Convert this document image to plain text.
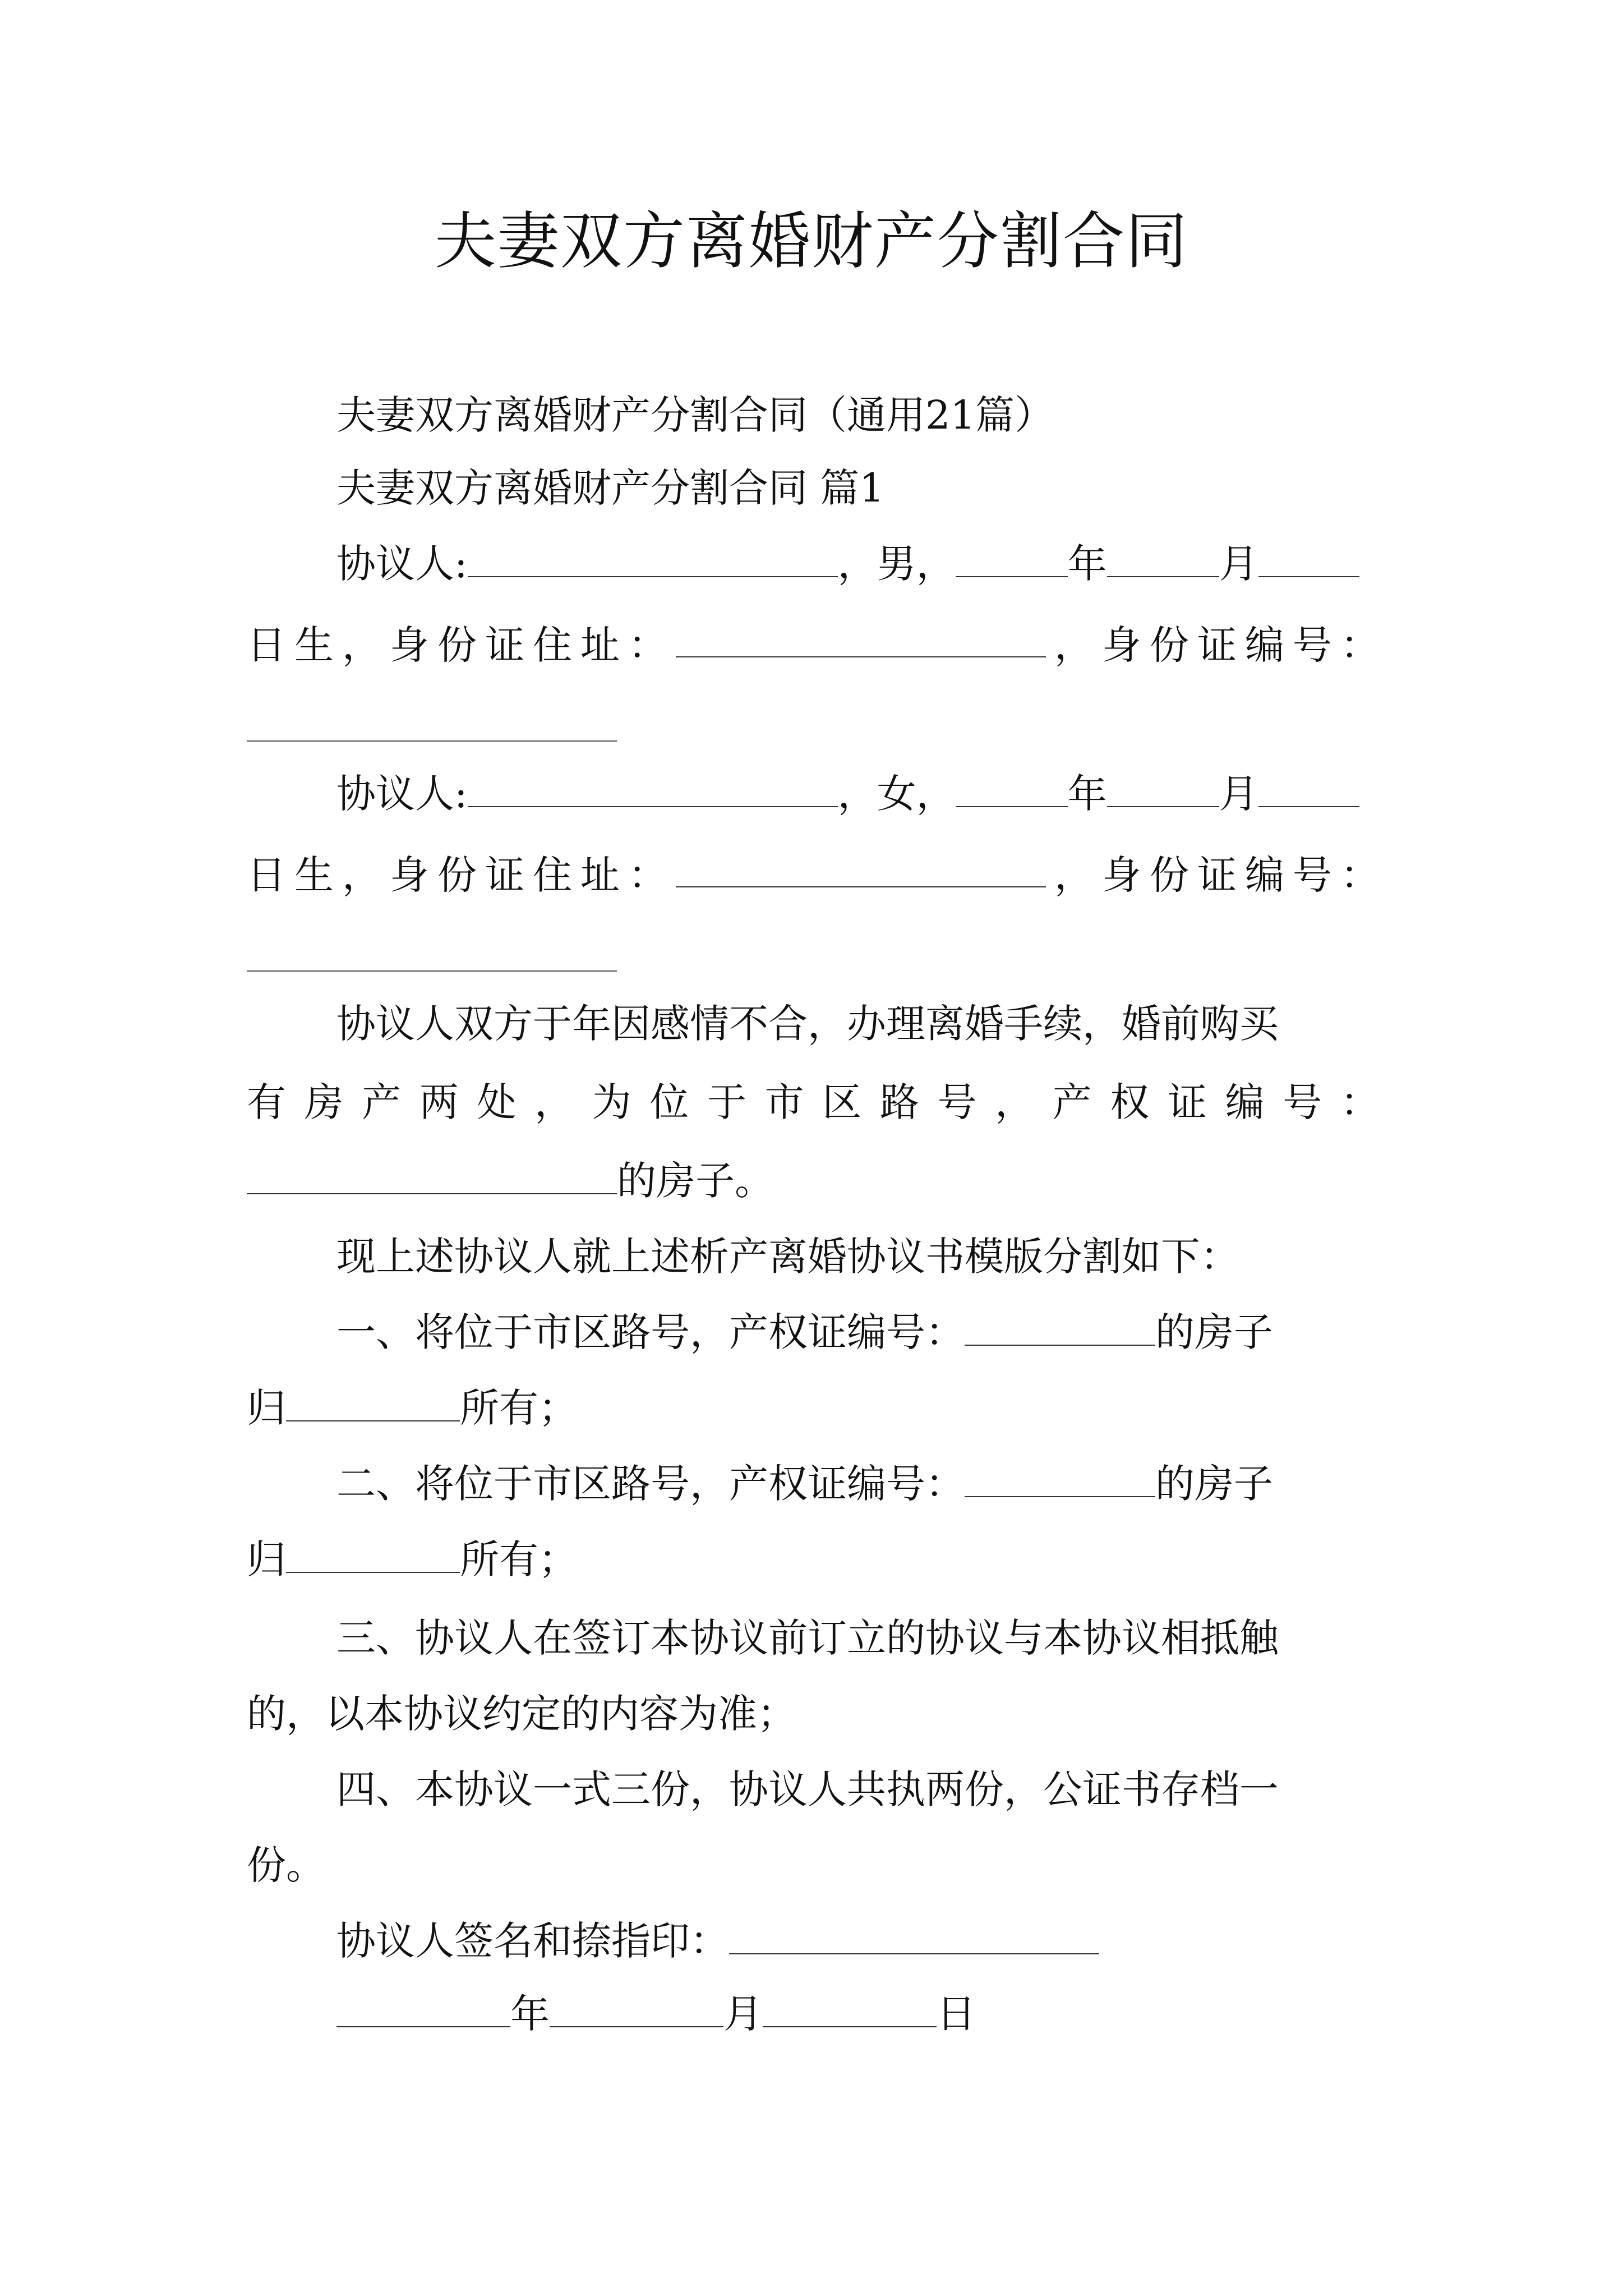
夫妻双方离婚财产分割合同
夫妻双方离婚财产分割合同（通用21篇）
夫妻双方离婚财产分割合同 篇1
协议人:	，男，	年	月
日 生 ， 身 份 证 住 址 ：	， 身 份 证 编 号 ：
协议人:	，女，	年	月
日 生 ， 身 份 证 住 址 ：	， 身 份 证 编 号 ：
协议人双方于年因感情不合，办理离婚手续，婚前购买
有 房 产 两 处 ， 为 位 于 市 区 路 号 ， 产 权 证 编 号 ：
的房子。
现上述协议人就上述析产离婚协议书模版分割如下：
一、将位于市区路号，产权证编号：	的房子
归	所有；
二、将位于市区路号，产权证编号：	的房子
归	所有；
三、协议人在签订本协议前订立的协议与本协议相抵触
的，以本协议约定的内容为准；
四、本协议一式三份，协议人共执两份，公证书存档一
份。
协议人签名和捺指印：
年	月	日
